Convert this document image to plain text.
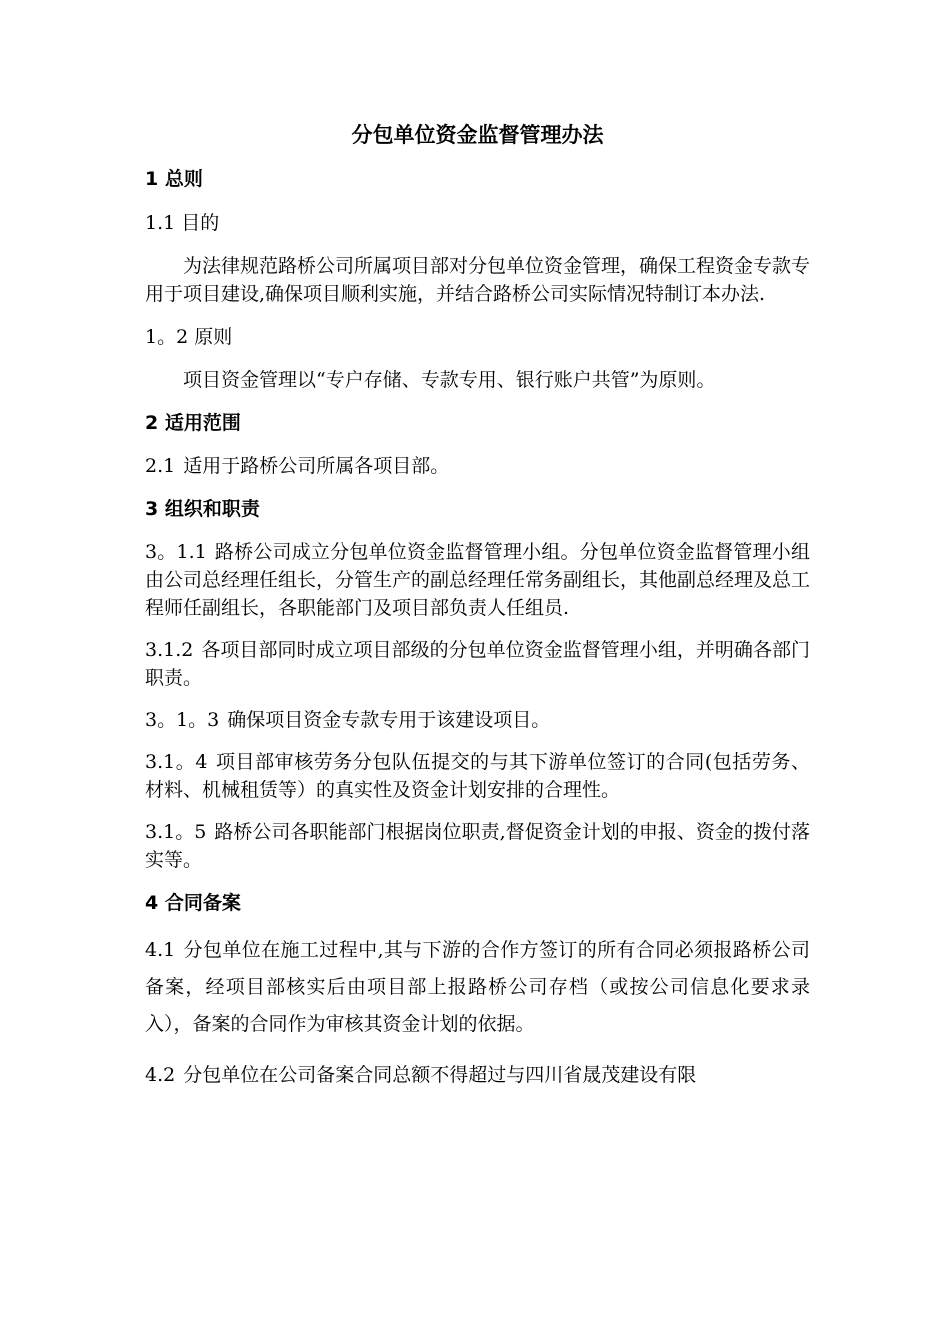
分包单位资金监督管理办法
1 总则
1.1 目的
为法律规范路桥公司所属项目部对分包单位资金管理，确保工程资金专款专用于项目建设,确保项目顺利实施，并结合路桥公司实际情况特制订本办法.
1。2 原则
项目资金管理以“专户存储、专款专用、银行账户共管”为原则。
2 适用范围
2.1 适用于路桥公司所属各项目部。
3 组织和职责
3。1.1 路桥公司成立分包单位资金监督管理小组。分包单位资金监督管理小组由公司总经理任组长，分管生产的副总经理任常务副组长，其他副总经理及总工程师任副组长，各职能部门及项目部负责人任组员.
3.1.2 各项目部同时成立项目部级的分包单位资金监督管理小组，并明确各部门职责。
3。1。3 确保项目资金专款专用于该建设项目。
3.1。4 项目部审核劳务分包队伍提交的与其下游单位签订的合同(包括劳务、材料、机械租赁等）的真实性及资金计划安排的合理性。
3.1。5 路桥公司各职能部门根据岗位职责,督促资金计划的申报、资金的拨付落实等。
4 合同备案
4.1 分包单位在施工过程中,其与下游的合作方签订的所有合同必须报路桥公司备案，经项目部核实后由项目部上报路桥公司存档（或按公司信息化要求录入），备案的合同作为审核其资金计划的依据。
4.2 分包单位在公司备案合同总额不得超过与四川省晟茂建设有限
